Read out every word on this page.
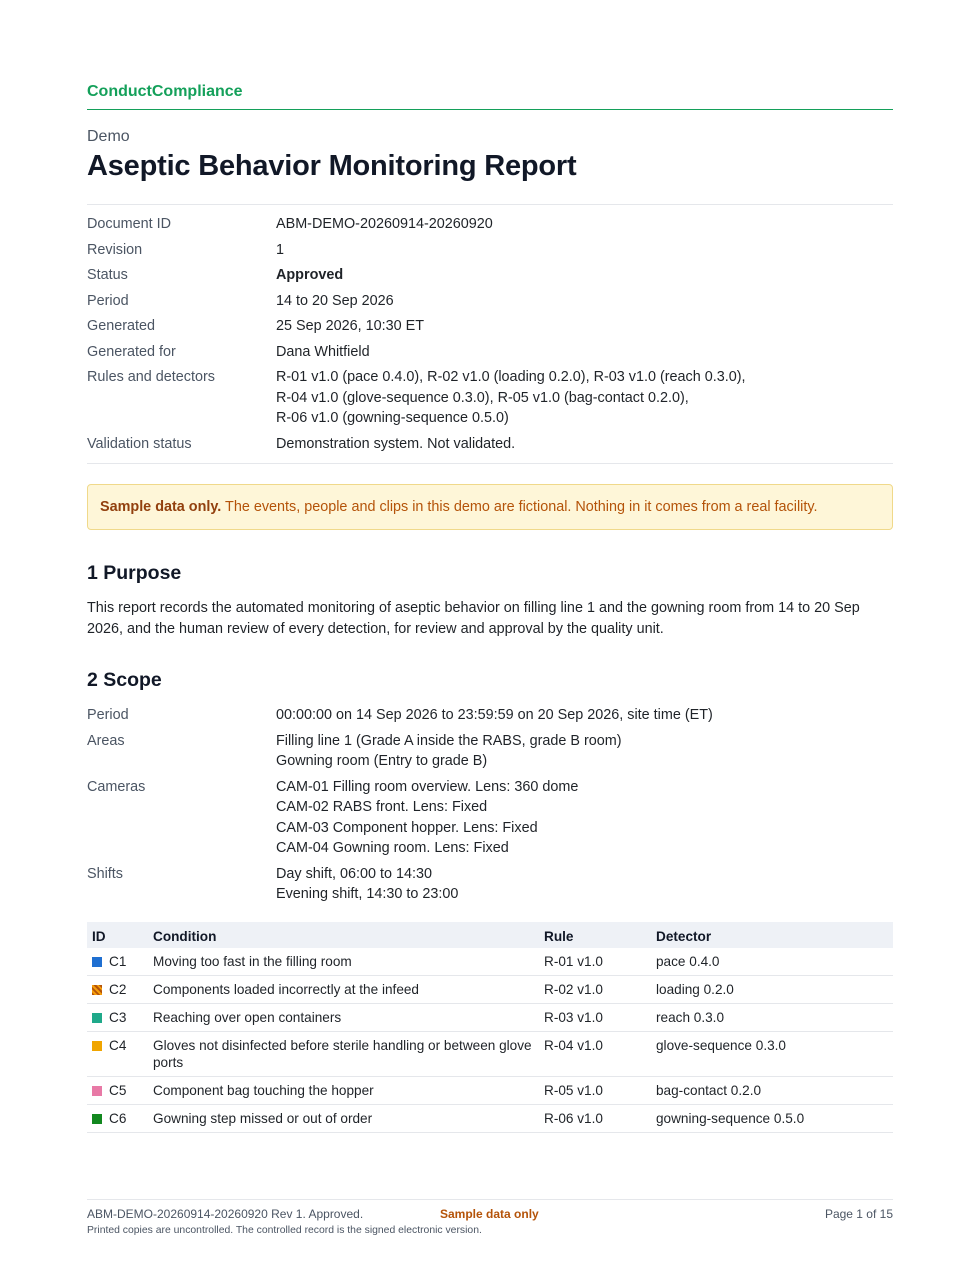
ConductCompliance
Demo
Aseptic Behavior Monitoring Report
Document ID	ABM-DEMO-20260914-20260920
Revision	1
Status	Approved
Period	14 to 20 Sep 2026
Generated	25 Sep 2026, 10:30 ET
Generated for	Dana Whitfield
Rules and detectors	R-01 v1.0 (pace 0.4.0), R-02 v1.0 (loading 0.2.0), R-03 v1.0 (reach 0.3.0),
R-04 v1.0 (glove-sequence 0.3.0), R-05 v1.0 (bag-contact 0.2.0),
R-06 v1.0 (gowning-sequence 0.5.0)
Validation status	Demonstration system. Not validated.
Sample data only. The events, people and clips in this demo are fictional. Nothing in it comes from a real facility.
1 Purpose
This report records the automated monitoring of aseptic behavior on filling line 1 and the gowning room from 14 to 20 Sep
2026, and the human review of every detection, for review and approval by the quality unit.
2 Scope
Period	00:00:00 on 14 Sep 2026 to 23:59:59 on 20 Sep 2026, site time (ET)
Areas	Filling line 1 (Grade A inside the RABS, grade B room)
Gowning room (Entry to grade B)
Cameras	CAM-01 Filling room overview. Lens: 360 dome
CAM-02 RABS front. Lens: Fixed
CAM-03 Component hopper. Lens: Fixed
CAM-04 Gowning room. Lens: Fixed
Shifts	Day shift, 06:00 to 14:30
Evening shift, 14:30 to 23:00
ID	Condition	Rule	Detector
C1	Moving too fast in the filling room	R-01 v1.0	pace 0.4.0
C2	Components loaded incorrectly at the infeed	R-02 v1.0	loading 0.2.0
C3	Reaching over open containers	R-03 v1.0	reach 0.3.0
C4	Gloves not disinfected before sterile handling or between glove ports	R-04 v1.0	glove-sequence 0.3.0
C5	Component bag touching the hopper	R-05 v1.0	bag-contact 0.2.0
C6	Gowning step missed or out of order	R-06 v1.0	gowning-sequence 0.5.0
ABM-DEMO-20260914-20260920 Rev 1. Approved.	Sample data only	Page 1 of 15
Printed copies are uncontrolled. The controlled record is the signed electronic version.
